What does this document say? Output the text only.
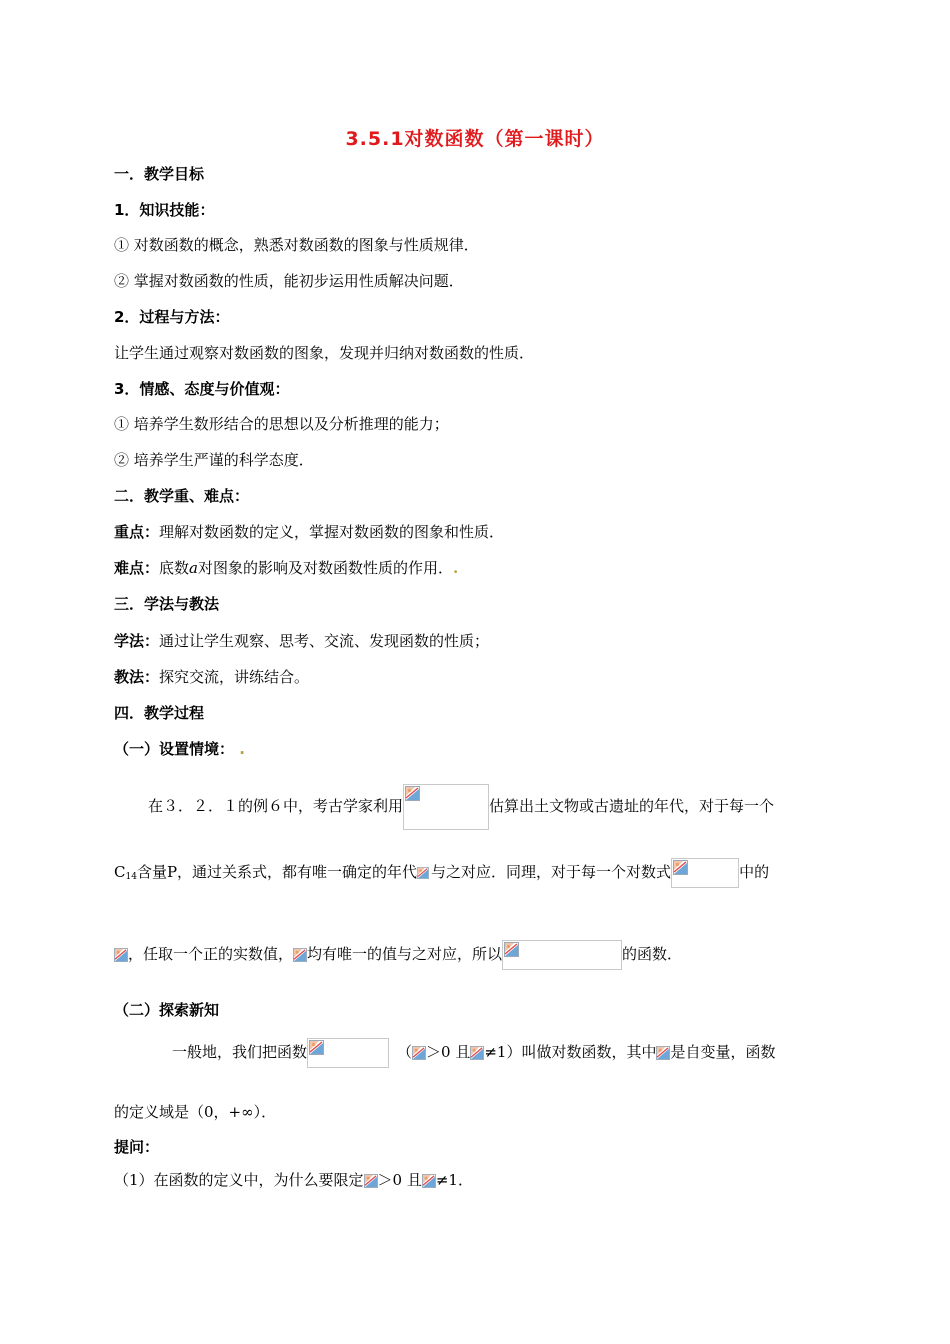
3.5.1对数函数（第一课时）
一．教学目标
1．知识技能：
① 对数函数的概念，熟悉对数函数的图象与性质规律．
② 掌握对数函数的性质，能初步运用性质解决问题．
2．过程与方法：
让学生通过观察对数函数的图象，发现并归纳对数函数的性质．
3．情感、态度与价值观：
① 培养学生数形结合的思想以及分析推理的能力；
② 培养学生严谨的科学态度．
二．教学重、难点：
重点：理解对数函数的定义，掌握对数函数的图象和性质．
难点：底数a对图象的影响及对数函数性质的作用．.
三．学法与教法
学法：通过让学生观察、思考、交流、发现函数的性质；
教法：探究交流，讲练结合。
四．教学过程
（一）设置情境： .
在３．２．１的例６中，考古学家利用	估算出土文物或古遗址的年代，对于每一个
$C_{14}$含量P，通过关系式，都有唯一确定的年代 与之对应．同理，对于每一个对数式	中的
，任取一个正的实数值， 均有唯一的值与之对应，所以	的函数．
（二）探索新知
一般地，我们把函数	（ ＞0 且 ≠1）叫做对数函数，其中 是自变量，函数
的定义域是（0，+∞）．
提问：
（1）在函数的定义中，为什么要限定 ＞0 且 ≠1．
